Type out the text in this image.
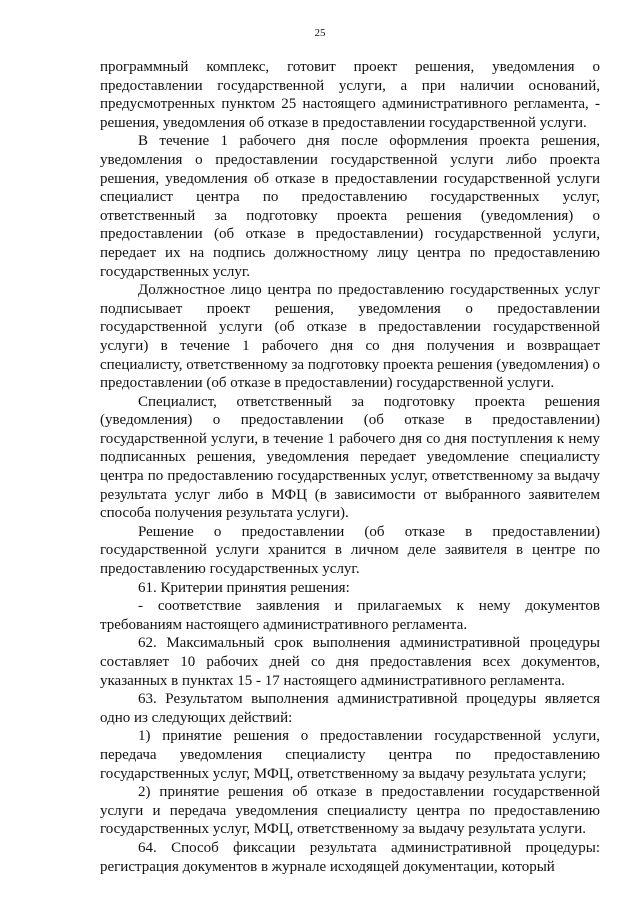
25

программный комплекс, готовит проект решения, уведомления о предоставлении государственной услуги, а при наличии оснований, предусмотренных пунктом 25 настоящего административного регламента, - решения, уведомления об отказе в предоставлении государственной услуги.

В течение 1 рабочего дня после оформления проекта решения, уведомления о предоставлении государственной услуги либо проекта решения, уведомления об отказе в предоставлении государственной услуги специалист центра по предоставлению государственных услуг, ответственный за подготовку проекта решения (уведомления) о предоставлении (об отказе в предоставлении) государственной услуги, передает их на подпись должностному лицу центра по предоставлению государственных услуг.

Должностное лицо центра по предоставлению государственных услуг подписывает проект решения, уведомления о предоставлении государственной услуги (об отказе в предоставлении государственной услуги) в течение 1 рабочего дня со дня получения и возвращает специалисту, ответственному за подготовку проекта решения (уведомления) о предоставлении (об отказе в предоставлении) государственной услуги.

Специалист, ответственный за подготовку проекта решения (уведомления) о предоставлении (об отказе в предоставлении) государственной услуги, в течение 1 рабочего дня со дня поступления к нему подписанных решения, уведомления передает уведомление специалисту центра по предоставлению государственных услуг, ответственному за выдачу результата услуг либо в МФЦ (в зависимости от выбранного заявителем способа получения результата услуги).

Решение о предоставлении (об отказе в предоставлении) государственной услуги хранится в личном деле заявителя в центре по предоставлению государственных услуг.

61. Критерии принятия решения:

- соответствие заявления и прилагаемых к нему документов требованиям настоящего административного регламента.

62. Максимальный срок выполнения административной процедуры составляет 10 рабочих дней со дня предоставления всех документов, указанных в пунктах 15 - 17 настоящего административного регламента.

63. Результатом выполнения административной процедуры является одно из следующих действий:

1) принятие решения о предоставлении государственной услуги, передача уведомления специалисту центра по предоставлению государственных услуг, МФЦ, ответственному за выдачу результата услуги;

2) принятие решения об отказе в предоставлении государственной услуги и передача уведомления специалисту центра по предоставлению государственных услуг, МФЦ, ответственному за выдачу результата услуги.

64. Способ фиксации результата административной процедуры: регистрация документов в журнале исходящей документации, который
